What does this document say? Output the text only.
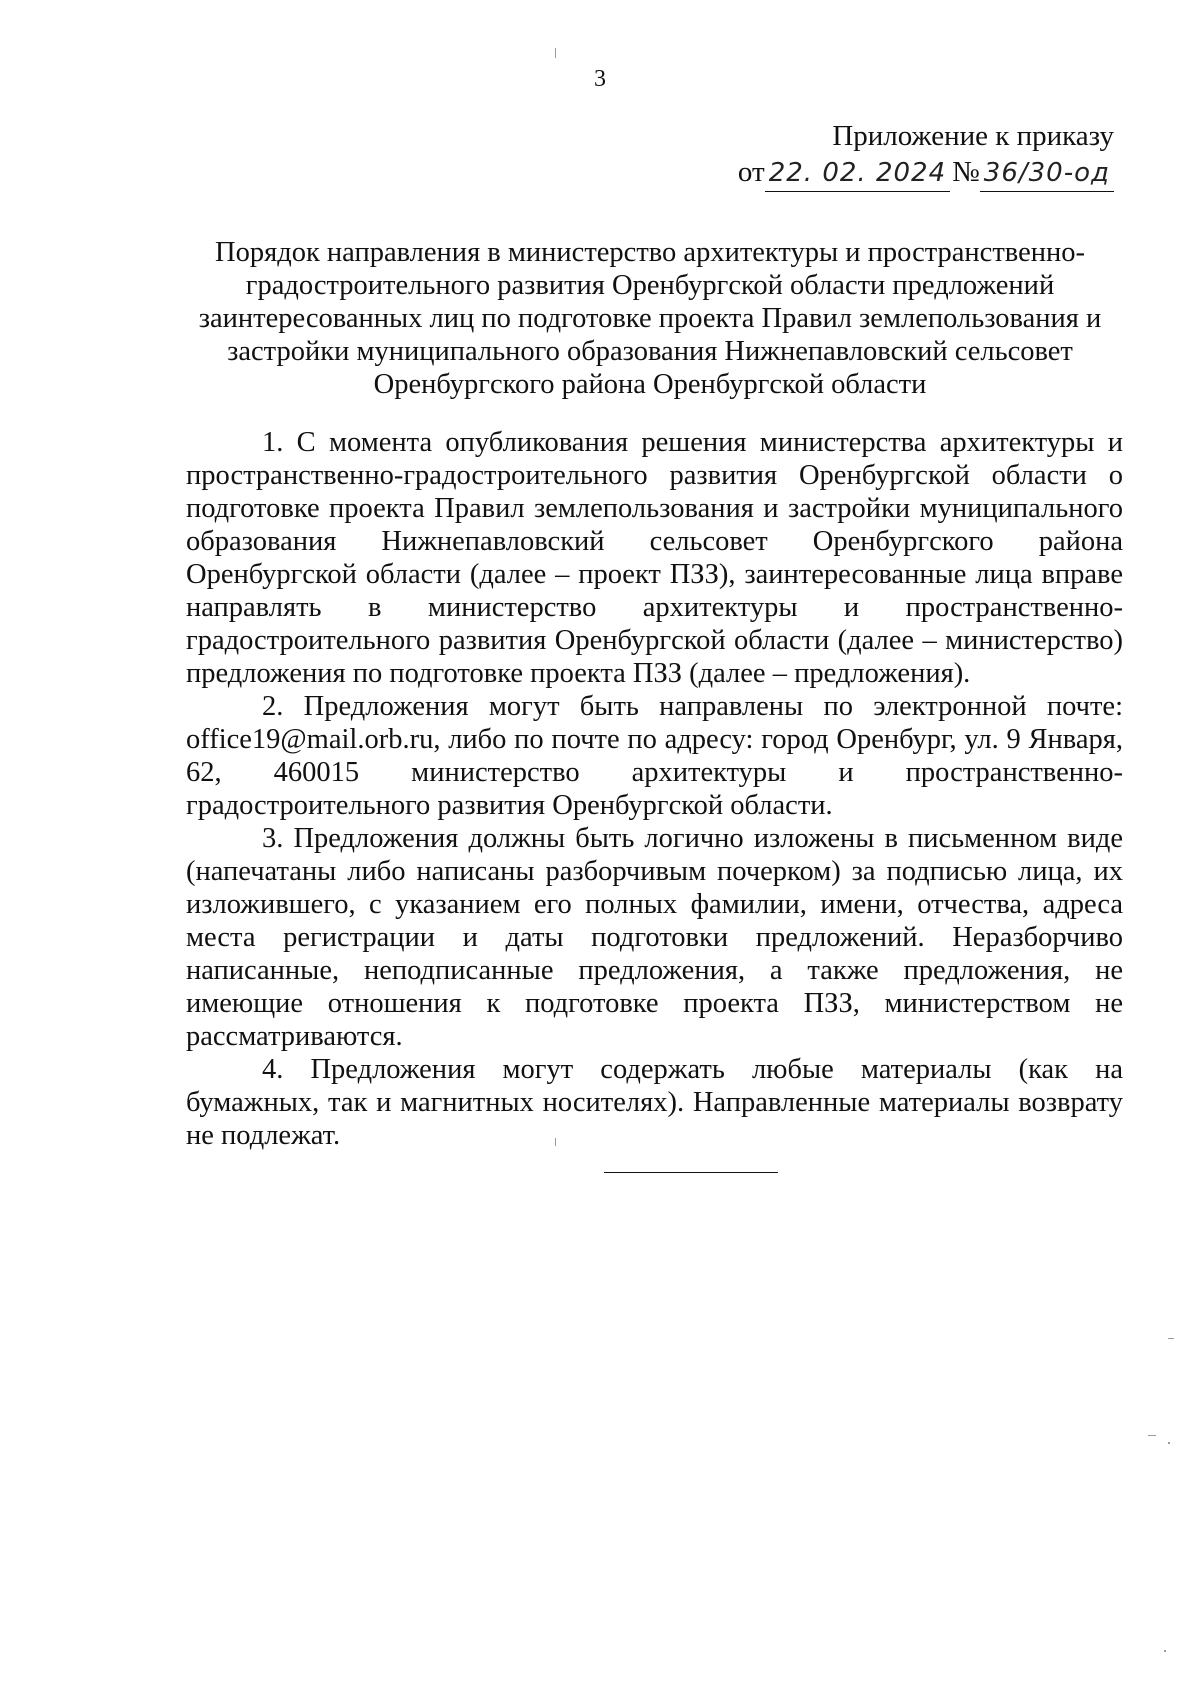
3
Приложение к приказу
от 22. 02. 2024 № 36/30-од
Порядок направления в министерство архитектуры и пространственно-градостроительного развития Оренбургской области предложений заинтересованных лиц по подготовке проекта Правил землепользования и застройки муниципального образования Нижнепавловский сельсовет Оренбургского района Оренбургской области

1. С момента опубликования решения министерства архитектуры и пространственно-градостроительного развития Оренбургской области о подготовке проекта Правил землепользования и застройки муниципального образования Нижнепавловский сельсовет Оренбургского района Оренбургской области (далее – проект ПЗЗ), заинтересованные лица вправе направлять в министерство архитектуры и пространственно-градостроительного развития Оренбургской области (далее – министерство) предложения по подготовке проекта ПЗЗ (далее – предложения).

2. Предложения могут быть направлены по электронной почте: office19@mail.orb.ru, либо по почте по адресу: город Оренбург, ул. 9 Января, 62, 460015 министерство архитектуры и пространственно-градостроительного развития Оренбургской области.

3. Предложения должны быть логично изложены в письменном виде (напечатаны либо написаны разборчивым почерком) за подписью лица, их изложившего, с указанием его полных фамилии, имени, отчества, адреса места регистрации и даты подготовки предложений. Неразборчиво написанные, неподписанные предложения, а также предложения, не имеющие отношения к подготовке проекта ПЗЗ, министерством не рассматриваются.

4. Предложения могут содержать любые материалы (как на бумажных, так и магнитных носителях). Направленные материалы возврату не подлежат.
